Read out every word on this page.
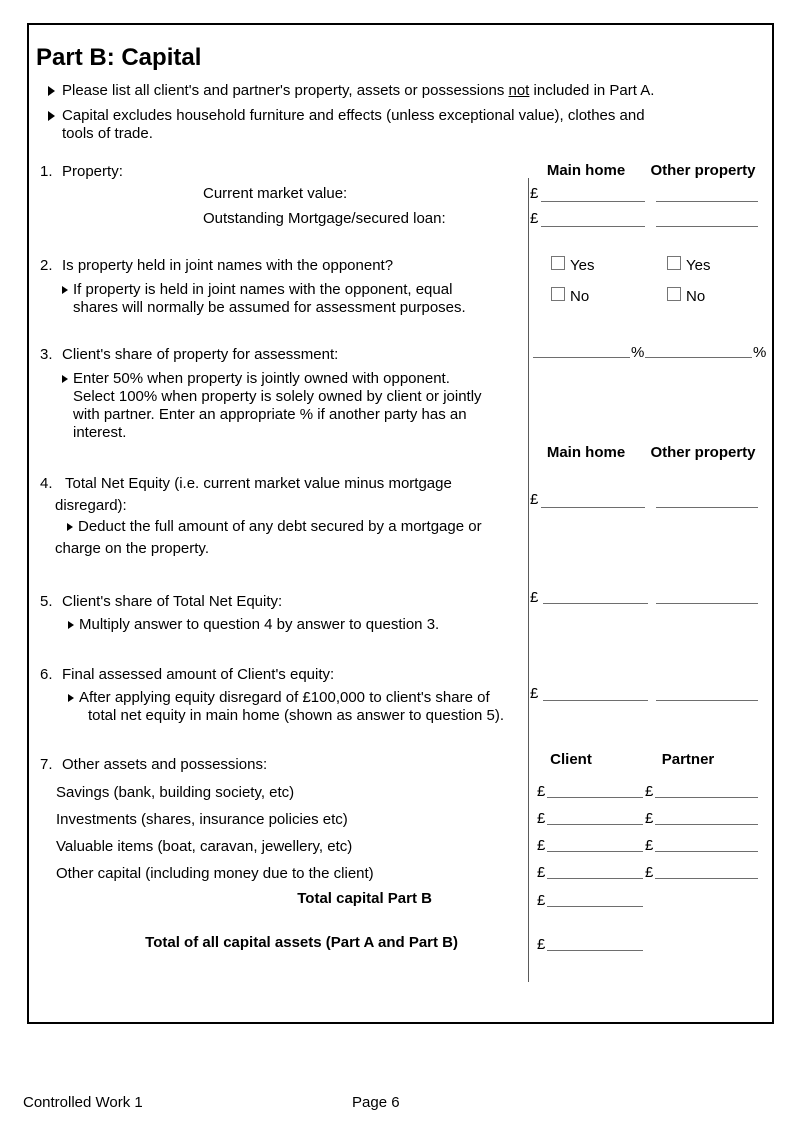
Part B: Capital
Please list all client's and partner's property, assets or possessions not included in Part A.
Capital excludes household furniture and effects (unless exceptional value), clothes and
tools of trade.
1. Property:
Current market value:
Outstanding Mortgage/secured loan:
Main home	Other property
£
£
2. Is property held in joint names with the opponent?
If property is held in joint names with the opponent, equal
shares will normally be assumed for assessment purposes.
Yes	Yes
No	No
3. Client's share of property for assessment:
Enter 50% when property is jointly owned with opponent.
Select 100% when property is solely owned by client or jointly
with partner. Enter an appropriate % if another party has an
interest.
%	%
Main home	Other property
4. Total Net Equity (i.e. current market value minus mortgage
disregard):
Deduct the full amount of any debt secured by a mortgage or
charge on the property.
£
5. Client's share of Total Net Equity:
Multiply answer to question 4 by answer to question 3.
£
6. Final assessed amount of Client's equity:
After applying equity disregard of £100,000 to client's share of
total net equity in main home (shown as answer to question 5).
£
7. Other assets and possessions:	Client	Partner
Savings (bank, building society, etc)	£	£
Investments (shares, insurance policies etc)	£	£
Valuable items (boat, caravan, jewellery, etc)	£	£
Other capital (including money due to the client)	£	£
Total capital Part B	£
Total of all capital assets (Part A and Part B)	£
Controlled Work 1	Page 6
